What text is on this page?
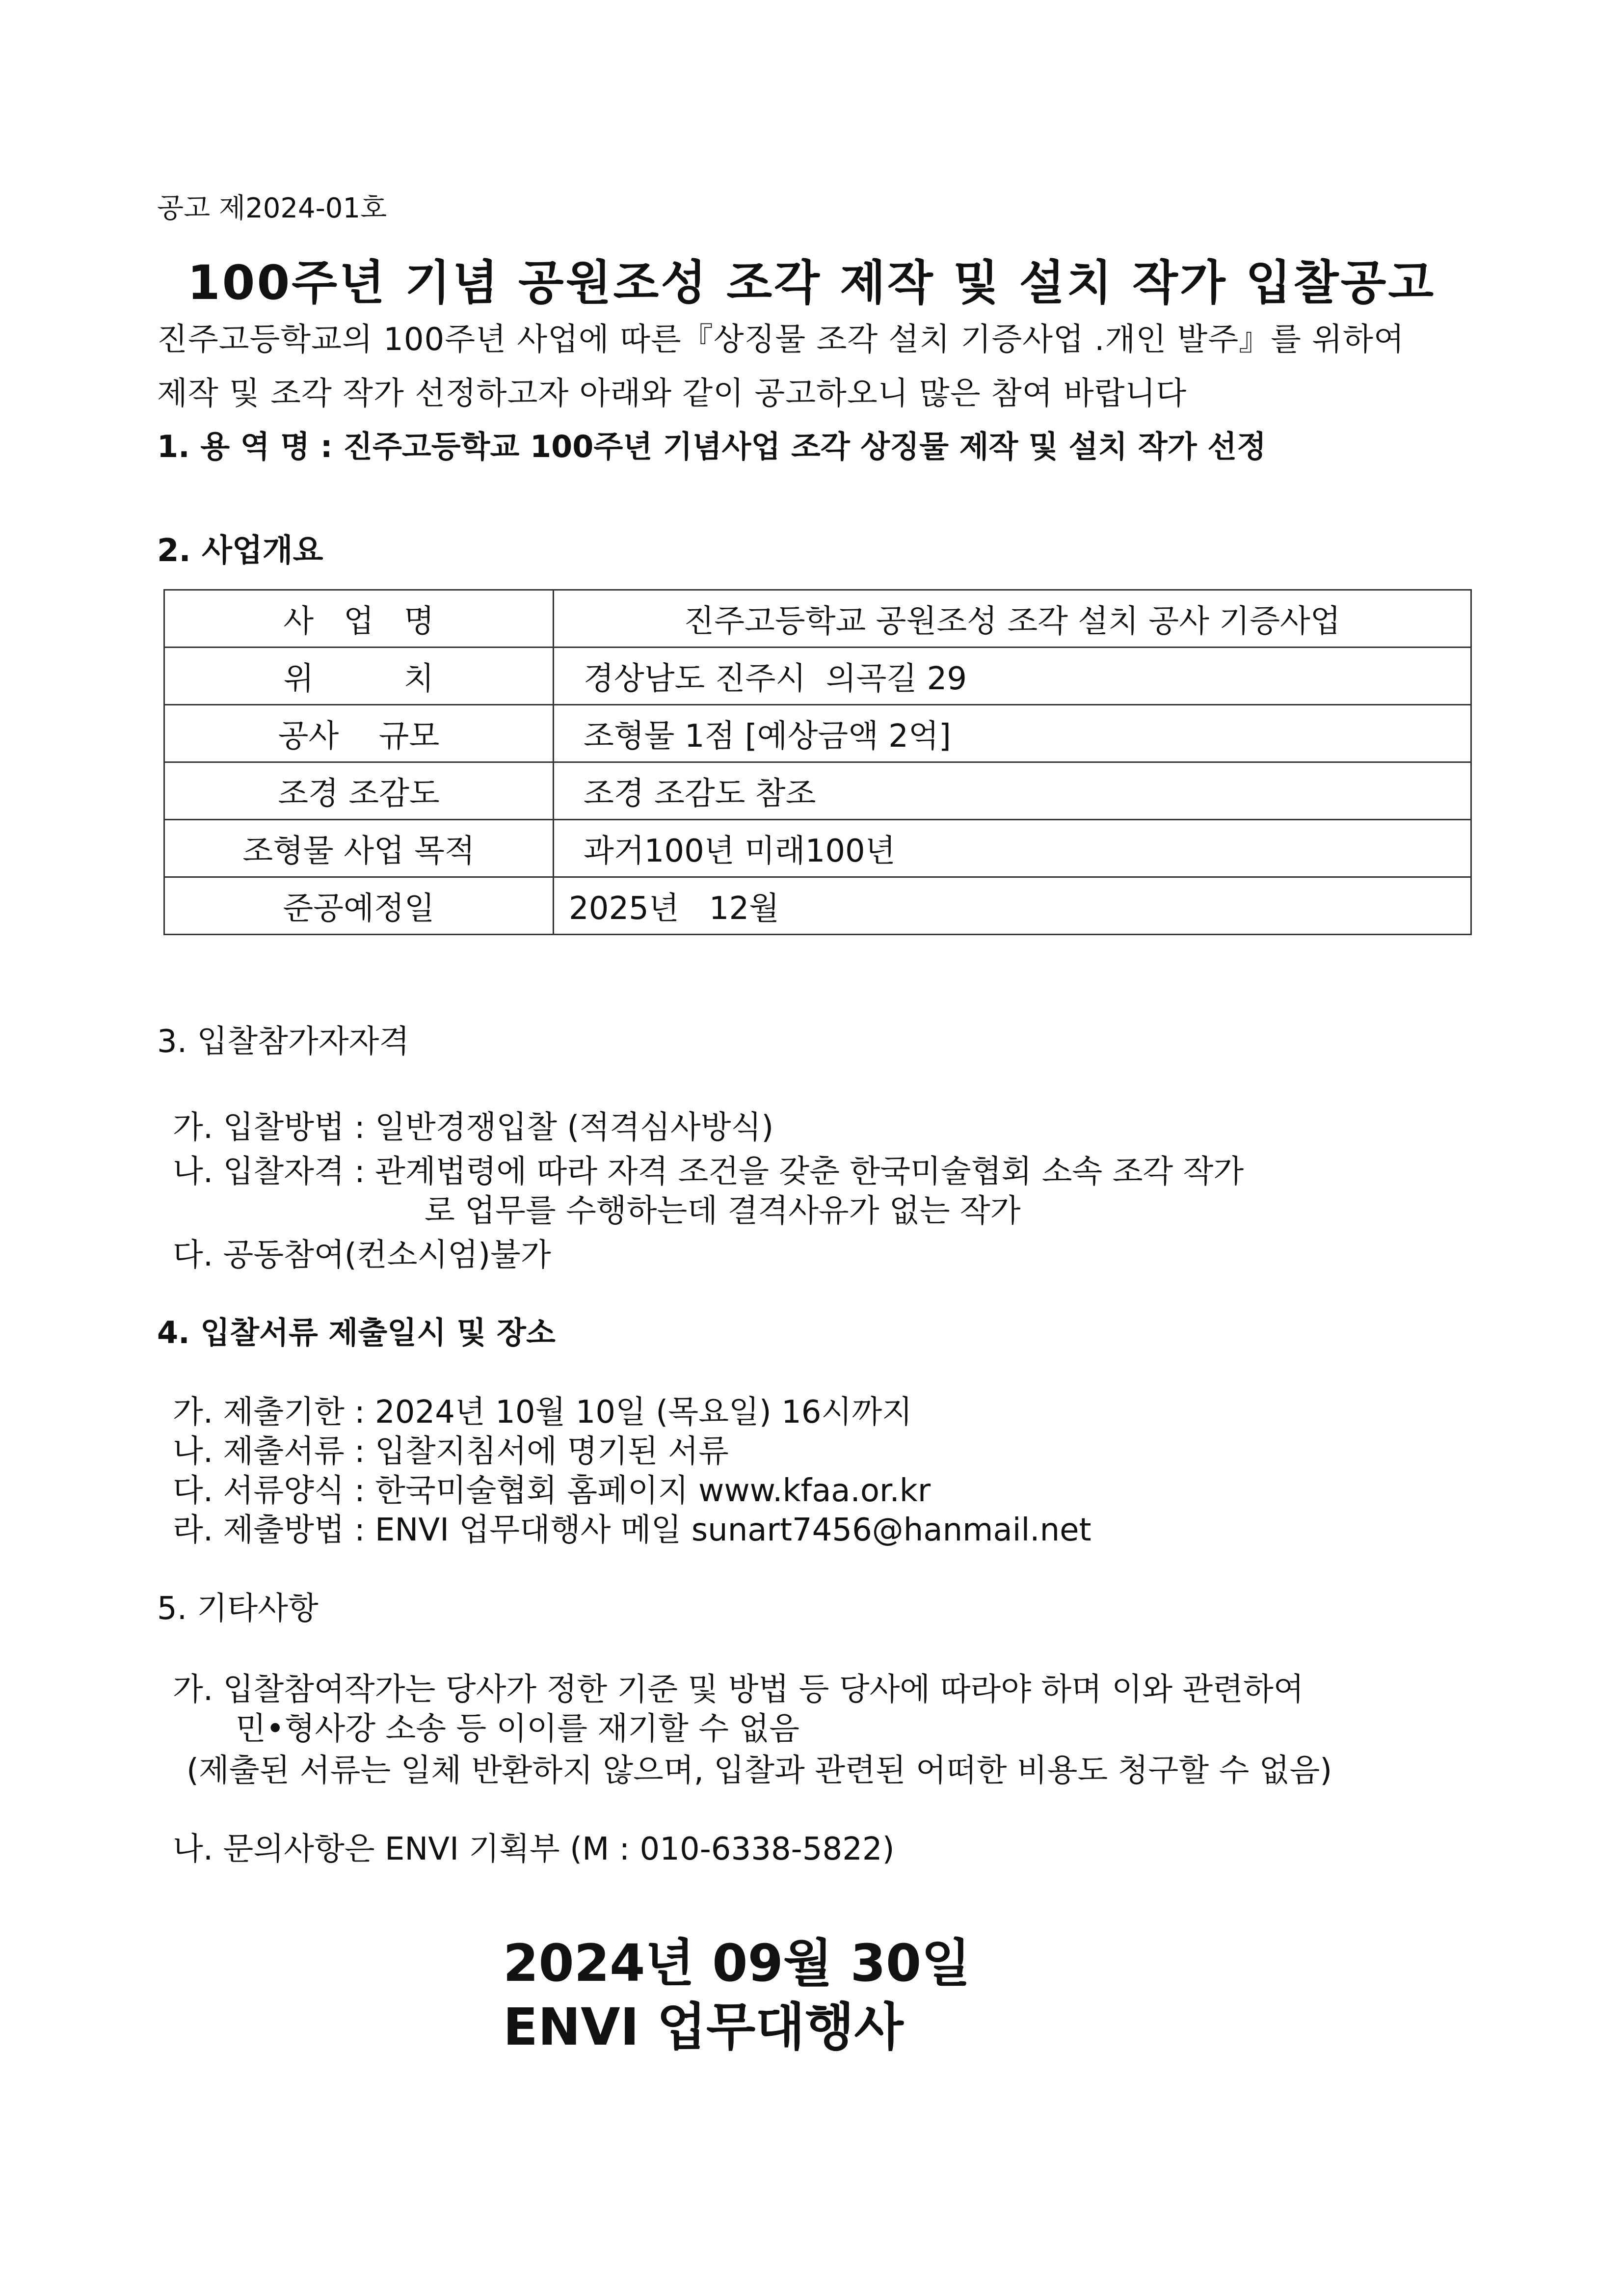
공고 제2024-01호
100주년 기념 공원조성 조각 제작 및 설치 작가 입찰공고
진주고등학교의 100주년 사업에 따른『상징물 조각 설치 기증사업 .개인 발주』를 위하여
제작 및 조각 작가 선정하고자 아래와 같이 공고하오니 많은 참여 바랍니다
1. 용 역 명 : 진주고등학교 100주년 기념사업 조각 상징물 제작 및 설치 작가 선정
2. 사업개요
사   업   명	진주고등학교 공원조성 조각 설치 공사 기증사업
위         치	경상남도 진주시  의곡길 29
공사    규모	조형물 1점 [예상금액 2억]
조경 조감도	조경 조감도 참조
조형물 사업 목적	과거100년 미래100년
준공예정일	2025년   12월
3. 입찰참가자자격
가. 입찰방법 : 일반경쟁입찰 (적격심사방식)
나. 입찰자격 : 관계법령에 따라 자격 조건을 갖춘 한국미술협회 소속 조각 작가
로 업무를 수행하는데 결격사유가 없는 작가
다. 공동참여(컨소시엄)불가
4. 입찰서류 제출일시 및 장소
가. 제출기한 : 2024년 10월 10일 (목요일) 16시까지
나. 제출서류 : 입찰지침서에 명기된 서류
다. 서류양식 : 한국미술협회 홈페이지 www.kfaa.or.kr
라. 제출방법 : ENVI 업무대행사 메일 sunart7456@hanmail.net
5. 기타사항
가. 입찰참여작가는 당사가 정한 기준 및 방법 등 당사에 따라야 하며 이와 관련하여
민•형사강 소송 등 이이를 재기할 수 없음
(제출된 서류는 일체 반환하지 않으며, 입찰과 관련된 어떠한 비용도 청구할 수 없음)
나. 문의사항은 ENVI 기획부 (M : 010-6338-5822)
2024년 09월 30일
ENVI 업무대행사
